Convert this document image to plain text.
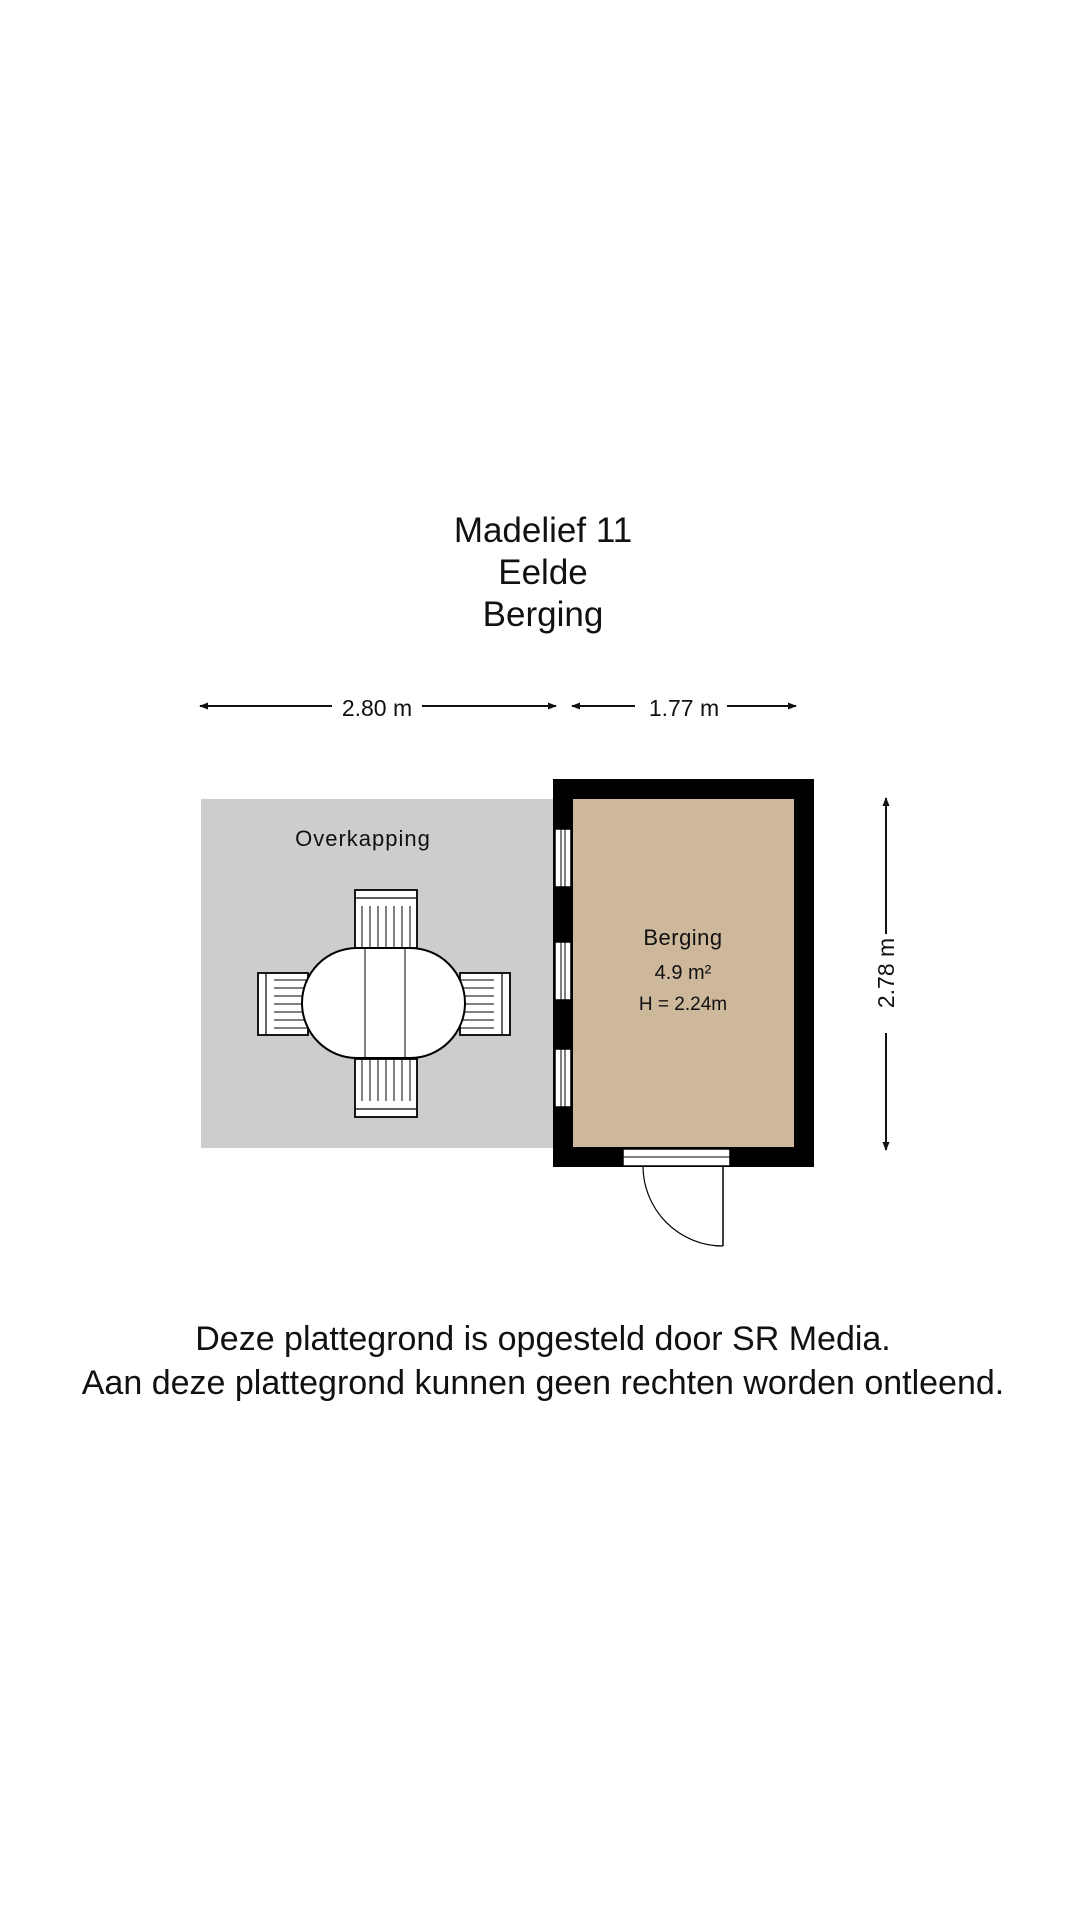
Madelief 11
Eelde
Berging
2.80 m	1.77 m
2.78 m
Overkapping
Berging
4.9 m²
H = 2.24m
Deze plattegrond is opgesteld door SR Media.
Aan deze plattegrond kunnen geen rechten worden ontleend.
